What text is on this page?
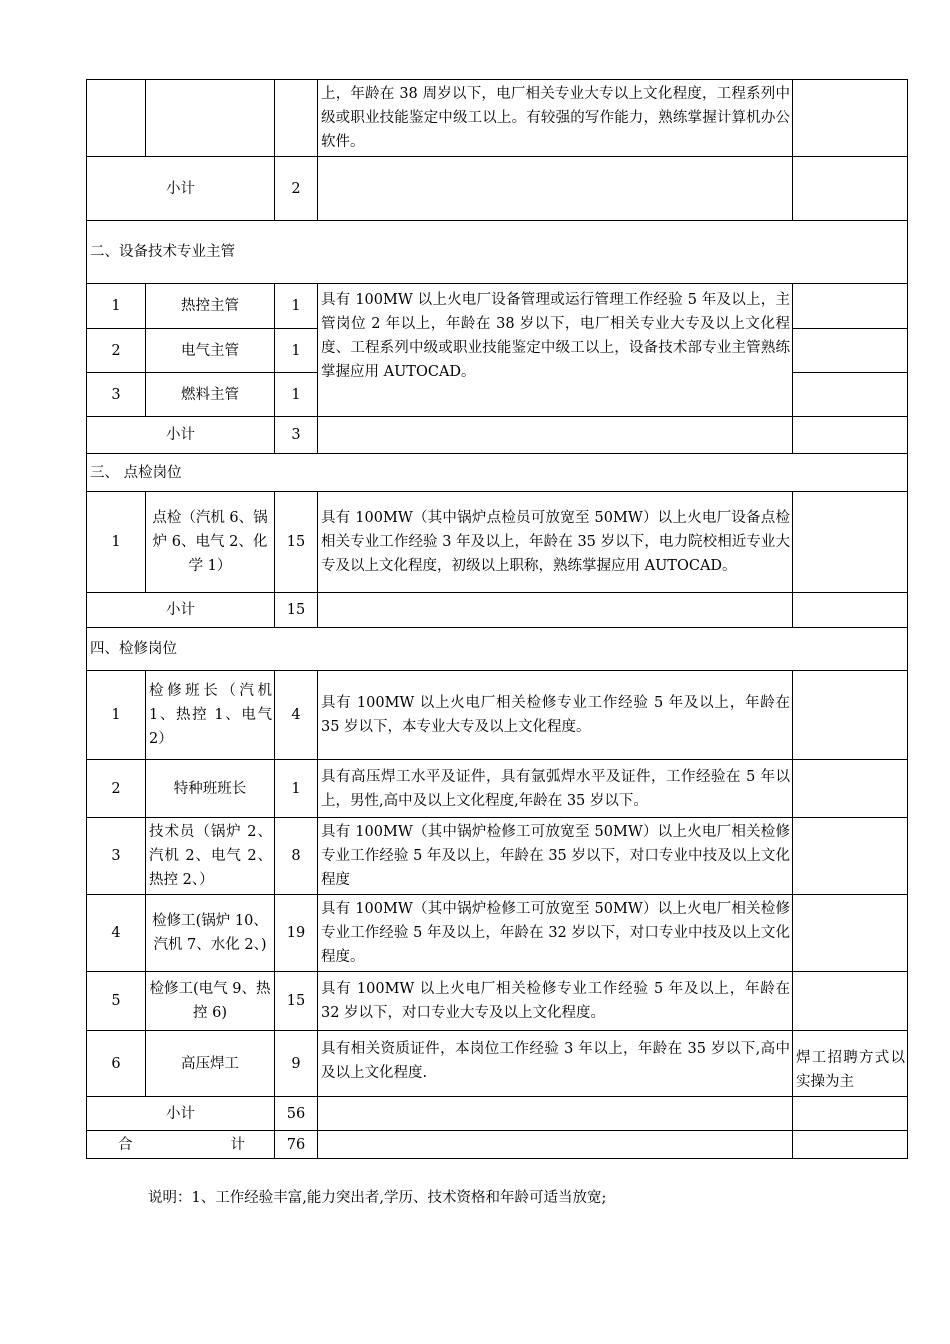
			上，年龄在 38 周岁以下，电厂相关专业大专以上文化程度，工程系列中级或职业技能鉴定中级工以上。有较强的写作能力，熟练掌握计算机办公软件。	
小计		2		
二、设备技术专业主管				
1	热控主管	1	具有 100MW 以上火电厂设备管理或运行管理工作经验 5 年及以上，主管岗位 2 年以上，年龄在 38 岁以下，电厂相关专业大专及以上文化程度、工程系列中级或职业技能鉴定中级工以上，设备技术部专业主管熟练掌握应用 AUTOCAD。	
2	电气主管	1		
3	燃料主管	1		
小计		3		
三、 点检岗位				
1	点检（汽机 6、锅炉 6、电气 2、化学 1）	15	具有 100MW（其中锅炉点检员可放宽至 50MW）以上火电厂设备点检相关专业工作经验 3 年及以上，年龄在 35 岁以下，电力院校相近专业大专及以上文化程度，初级以上职称，熟练掌握应用 AUTOCAD。	
小计		15		
四、检修岗位				
1	检修班长（汽机 1、热控 1、电气 2）	4	具有 100MW 以上火电厂相关检修专业工作经验 5 年及以上，年龄在 35 岁以下，本专业大专及以上文化程度。	
2	特种班班长	1	具有高压焊工水平及证件，具有氩弧焊水平及证件，工作经验在 5 年以上，男性,高中及以上文化程度,年龄在 35 岁以下。	
3	技术员（锅炉 2、汽机 2、电气 2、热控 2、）	8	具有 100MW（其中锅炉检修工可放宽至 50MW）以上火电厂相关检修专业工作经验 5 年及以上，年龄在 35 岁以下，对口专业中技及以上文化程度	
4	检修工(锅炉 10、汽机 7、水化 2、)	19	具有 100MW（其中锅炉检修工可放宽至 50MW）以上火电厂相关检修专业工作经验 5 年及以上，年龄在 32 岁以下，对口专业中技及以上文化程度。	
5	检修工(电气 9、热控 6)	15	具有 100MW 以上火电厂相关检修专业工作经验 5 年及以上，年龄在 32 岁以下，对口专业大专及以上文化程度。	
6	高压焊工	9	具有相关资质证件，本岗位工作经验 3 年以上，年龄在 35 岁以下,高中及以上文化程度.	焊工招聘方式以实操为主
小计		56		

合 计		76		
说明：1、工作经验丰富,能力突出者,学历、技术资格和年龄可适当放宽;
